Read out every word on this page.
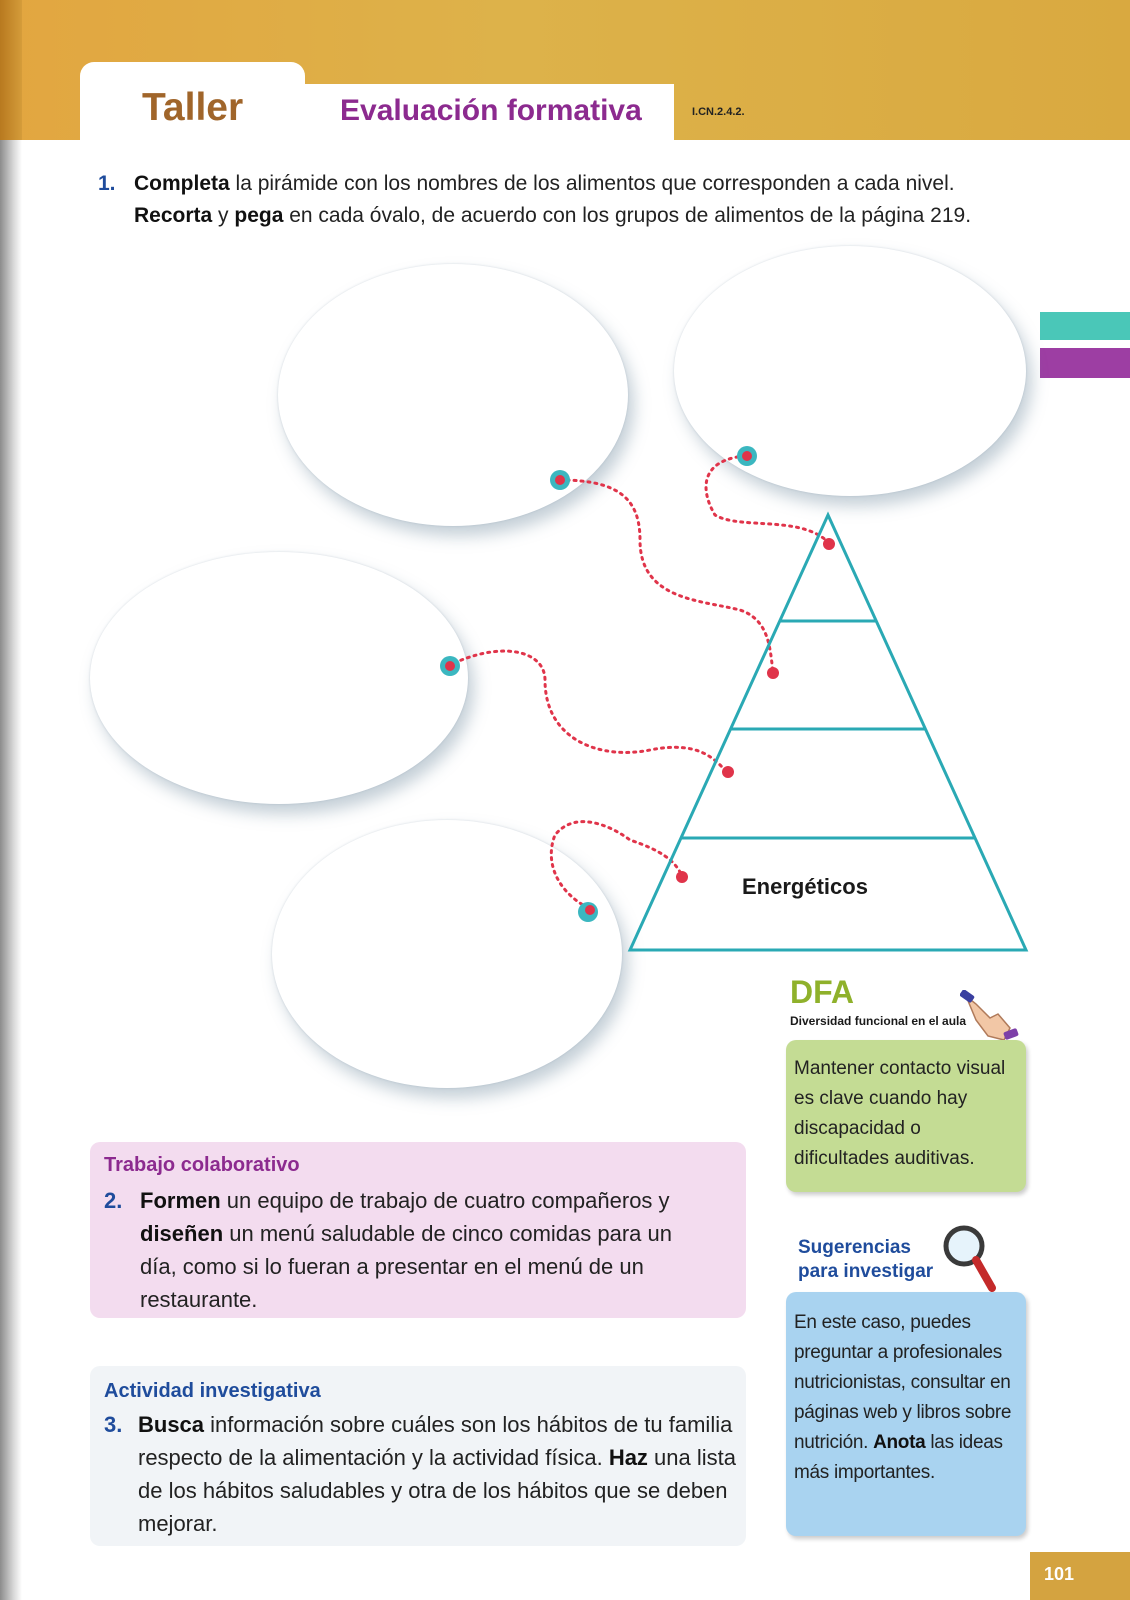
Taller	Evaluación formativa	I.CN.2.4.2.
1. Completa la pirámide con los nombres de los alimentos que corresponden a cada nivel.
Recorta y pega en cada óvalo, de acuerdo con los grupos de alimentos de la página 219.
Energéticos
DFA
Diversidad funcional en el aula

Mantener contacto visual es clave cuando hay discapacidad o dificultades auditivas.

Trabajo colaborativo
2. Formen un equipo de trabajo de cuatro compañeros y diseñen un menú saludable de cinco comidas para un día, como si lo fueran a presentar en el menú de un restaurante.
Actividad investigativa
3. Busca información sobre cuáles son los hábitos de tu familia respecto de la alimentación y la actividad física. Haz una lista de los hábitos saludables y otra de los hábitos que se deben mejorar.
Sugerencias para investigar

En este caso, puedes preguntar a profesionales nutricionistas, consultar en páginas web y libros sobre nutrición. Anota las ideas más importantes.

101
